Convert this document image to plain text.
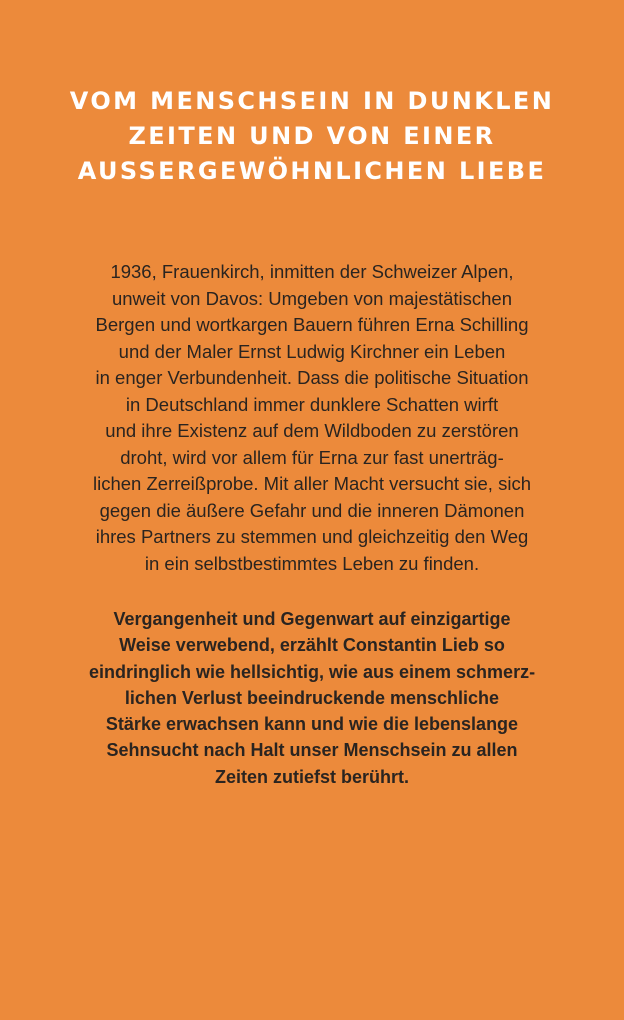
VOM MENSCHSEIN IN DUNKLEN
ZEITEN UND VON EINER
AUSSERGEWÖHNLICHEN LIEBE

1936, Frauenkirch, inmitten der Schweizer Alpen,
unweit von Davos: Umgeben von majestätischen
Bergen und wortkargen Bauern führen Erna Schilling
und der Maler Ernst Ludwig Kirchner ein Leben
in enger Verbundenheit. Dass die politische Situation
in Deutschland immer dunklere Schatten wirft
und ihre Existenz auf dem Wildboden zu zerstören
droht, wird vor allem für Erna zur fast unerträg-
lichen Zerreißprobe. Mit aller Macht versucht sie, sich
gegen die äußere Gefahr und die inneren Dämonen
ihres Partners zu stemmen und gleichzeitig den Weg
in ein selbstbestimmtes Leben zu finden.

Vergangenheit und Gegenwart auf einzigartige
Weise verwebend, erzählt Constantin Lieb so
eindringlich wie hellsichtig, wie aus einem schmerz-
lichen Verlust beeindruckende menschliche
Stärke erwachsen kann und wie die lebenslange
Sehnsucht nach Halt unser Menschsein zu allen
Zeiten zutiefst berührt.
